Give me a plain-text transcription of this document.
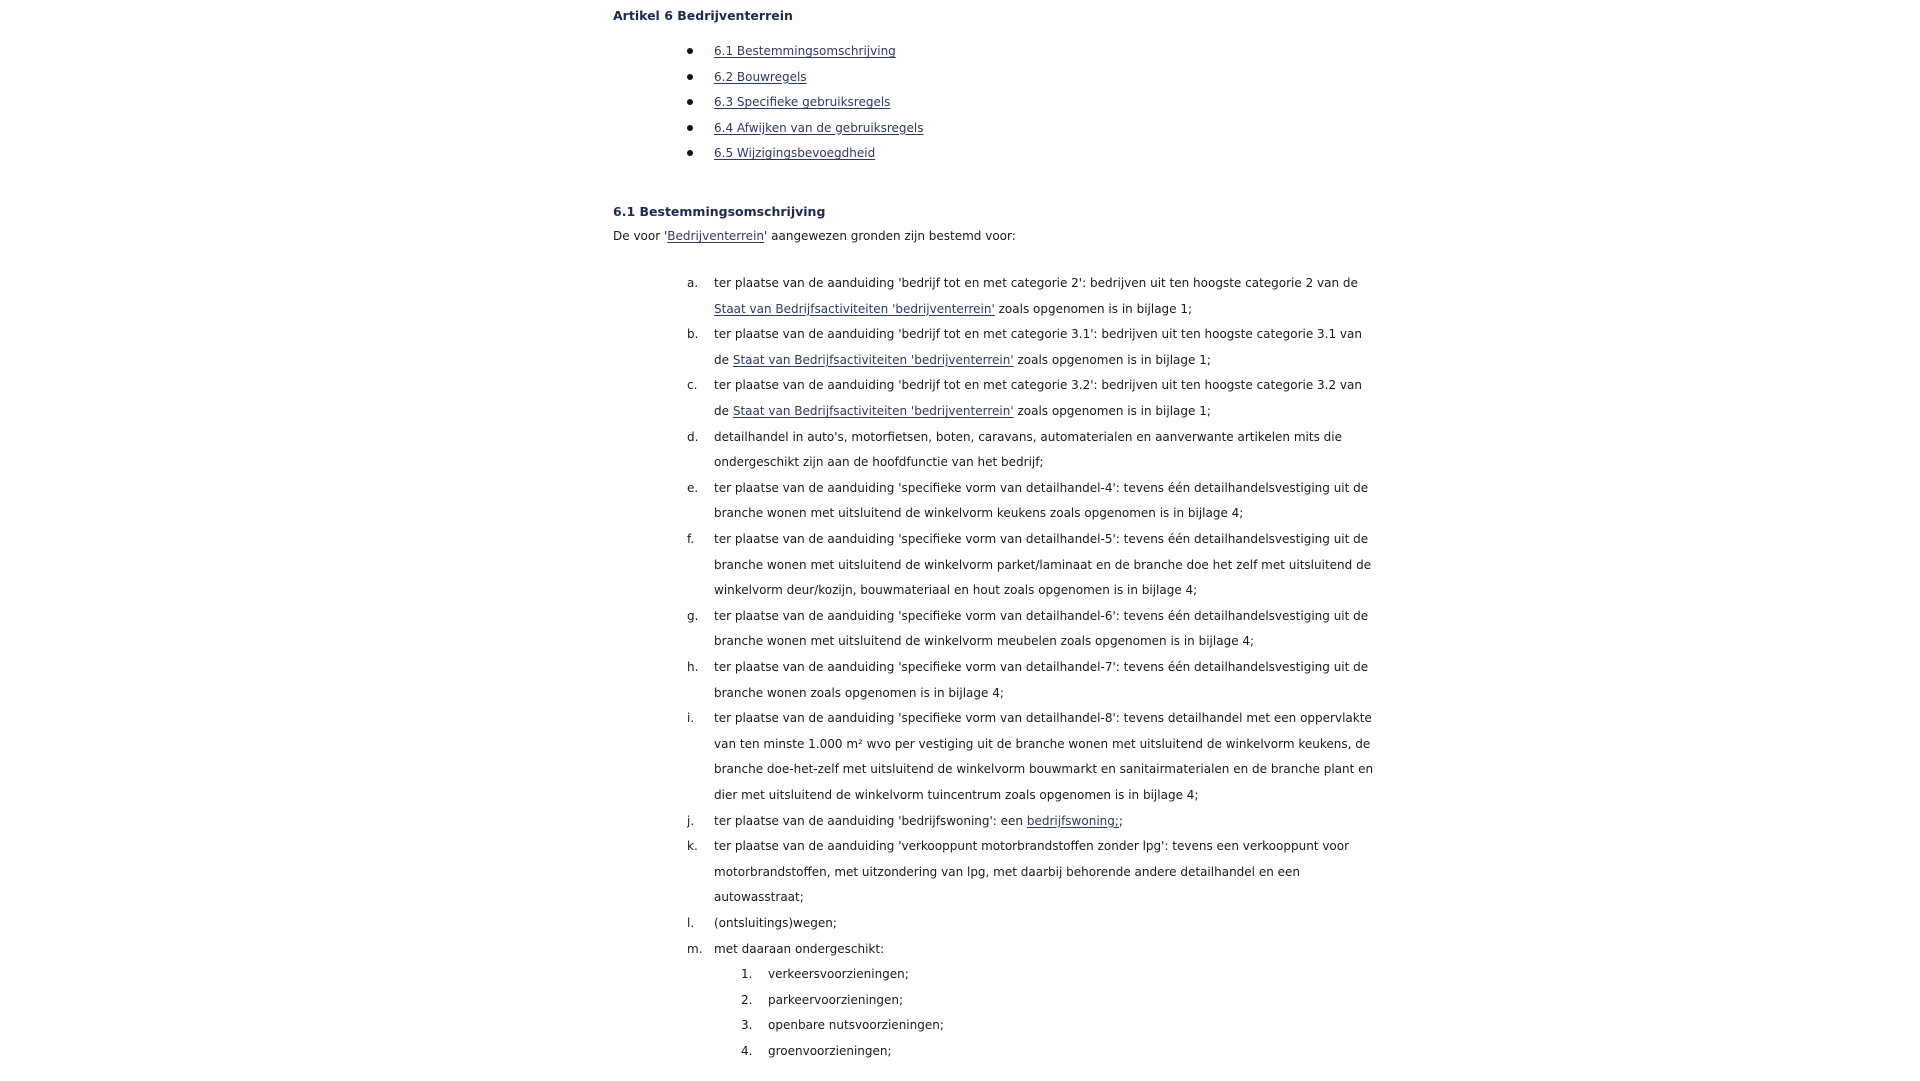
Artikel 6 Bedrijventerrein
6.1 Bestemmingsomschrijving
6.2 Bouwregels
6.3 Specifieke gebruiksregels
6.4 Afwijken van de gebruiksregels
6.5 Wijzigingsbevoegdheid
6.1 Bestemmingsomschrijving
De voor 'Bedrijventerrein' aangewezen gronden zijn bestemd voor:
a. ter plaatse van de aanduiding 'bedrijf tot en met categorie 2': bedrijven uit ten hoogste categorie 2 van de
Staat van Bedrijfsactiviteiten 'bedrijventerrein' zoals opgenomen is in bijlage 1;
b. ter plaatse van de aanduiding 'bedrijf tot en met categorie 3.1': bedrijven uit ten hoogste categorie 3.1 van
de Staat van Bedrijfsactiviteiten 'bedrijventerrein' zoals opgenomen is in bijlage 1;
c. ter plaatse van de aanduiding 'bedrijf tot en met categorie 3.2': bedrijven uit ten hoogste categorie 3.2 van
de Staat van Bedrijfsactiviteiten 'bedrijventerrein' zoals opgenomen is in bijlage 1;
d. detailhandel in auto's, motorfietsen, boten, caravans, automaterialen en aanverwante artikelen mits die
ondergeschikt zijn aan de hoofdfunctie van het bedrijf;
e. ter plaatse van de aanduiding 'specifieke vorm van detailhandel-4': tevens één detailhandelsvestiging uit de
branche wonen met uitsluitend de winkelvorm keukens zoals opgenomen is in bijlage 4;
f. ter plaatse van de aanduiding 'specifieke vorm van detailhandel-5': tevens één detailhandelsvestiging uit de
branche wonen met uitsluitend de winkelvorm parket/laminaat en de branche doe het zelf met uitsluitend de
winkelvorm deur/kozijn, bouwmateriaal en hout zoals opgenomen is in bijlage 4;
g. ter plaatse van de aanduiding 'specifieke vorm van detailhandel-6': tevens één detailhandelsvestiging uit de
branche wonen met uitsluitend de winkelvorm meubelen zoals opgenomen is in bijlage 4;
h. ter plaatse van de aanduiding 'specifieke vorm van detailhandel-7': tevens één detailhandelsvestiging uit de
branche wonen zoals opgenomen is in bijlage 4;
i. ter plaatse van de aanduiding 'specifieke vorm van detailhandel-8': tevens detailhandel met een oppervlakte
van ten minste 1.000 m² wvo per vestiging uit de branche wonen met uitsluitend de winkelvorm keukens, de
branche doe-het-zelf met uitsluitend de winkelvorm bouwmarkt en sanitairmaterialen en de branche plant en
dier met uitsluitend de winkelvorm tuincentrum zoals opgenomen is in bijlage 4;
j. ter plaatse van de aanduiding 'bedrijfswoning': een bedrijfswoning;;
k. ter plaatse van de aanduiding 'verkooppunt motorbrandstoffen zonder lpg': tevens een verkooppunt voor
motorbrandstoffen, met uitzondering van lpg, met daarbij behorende andere detailhandel en een
autowasstraat;
l. (ontsluitings)wegen;
m. met daaraan ondergeschikt:
1. verkeersvoorzieningen;
2. parkeervoorzieningen;
3. openbare nutsvoorzieningen;
4. groenvoorzieningen;
